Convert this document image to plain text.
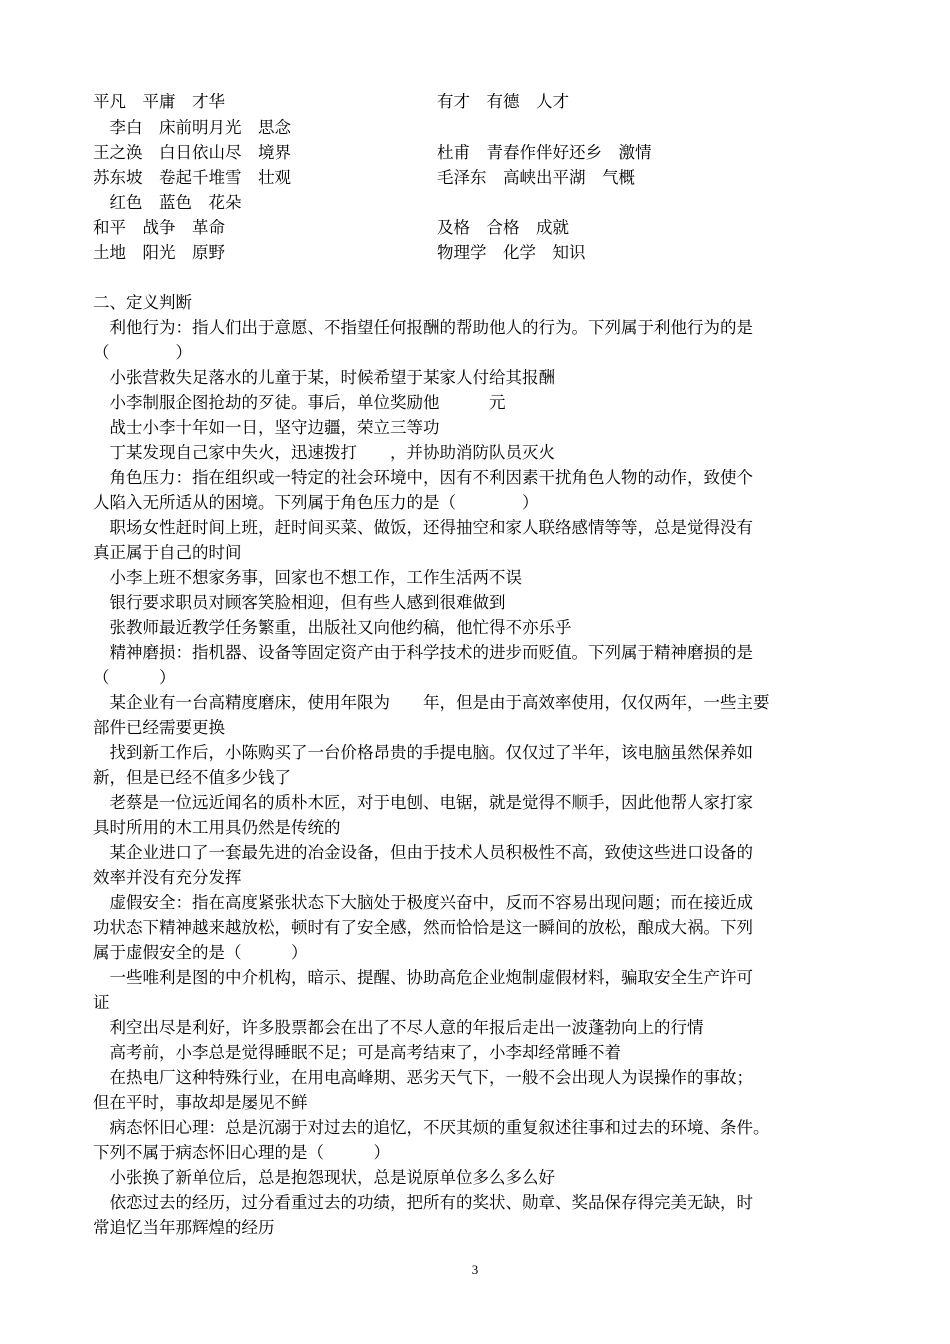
平凡　平庸　才华	有才　有德　人才
　李白　床前明月光　思念
王之涣　白日依山尽　境界	杜甫　青春作伴好还乡　激情
苏东坡　卷起千堆雪　壮观	毛泽东　高峡出平湖　气概
　红色　蓝色　花朵
和平　战争　革命	及格　合格　成就
土地　阳光　原野	物理学　化学　知识
二、定义判断
　利他行为：指人们出于意愿、不指望任何报酬的帮助他人的行为。下列属于利他行为的是
（　　　　）
　小张营救失足落水的儿童于某，时候希望于某家人付给其报酬
　小李制服企图抢劫的歹徒。事后，单位奖励他　　　元
　战士小李十年如一日，坚守边疆，荣立三等功
　丁某发现自己家中失火，迅速拨打　　，并协助消防队员灭火
　角色压力：指在组织或一特定的社会环境中，因有不利因素干扰角色人物的动作，致使个
人陷入无所适从的困境。下列属于角色压力的是（　　　　）
　职场女性赶时间上班，赶时间买菜、做饭，还得抽空和家人联络感情等等，总是觉得没有
真正属于自己的时间
　小李上班不想家务事，回家也不想工作，工作生活两不误
　银行要求职员对顾客笑脸相迎，但有些人感到很难做到
　张教师最近教学任务繁重，出版社又向他约稿，他忙得不亦乐乎
　精神磨损：指机器、设备等固定资产由于科学技术的进步而贬值。下列属于精神磨损的是
（　　　）
　某企业有一台高精度磨床，使用年限为　　年，但是由于高效率使用，仅仅两年，一些主要
部件已经需要更换
　找到新工作后，小陈购买了一台价格昂贵的手提电脑。仅仅过了半年，该电脑虽然保养如
新，但是已经不值多少钱了
　老蔡是一位远近闻名的质朴木匠，对于电刨、电锯，就是觉得不顺手，因此他帮人家打家
具时所用的木工用具仍然是传统的
　某企业进口了一套最先进的冶金设备，但由于技术人员积极性不高，致使这些进口设备的
效率并没有充分发挥
　虚假安全：指在高度紧张状态下大脑处于极度兴奋中，反而不容易出现问题；而在接近成
功状态下精神越来越放松，顿时有了安全感，然而恰恰是这一瞬间的放松，酿成大祸。下列
属于虚假安全的是（　　　）
　一些唯利是图的中介机构，暗示、提醒、协助高危企业炮制虚假材料，骗取安全生产许可
证
　利空出尽是利好，许多股票都会在出了不尽人意的年报后走出一波蓬勃向上的行情
　高考前，小李总是觉得睡眠不足；可是高考结束了，小李却经常睡不着
　在热电厂这种特殊行业，在用电高峰期、恶劣天气下，一般不会出现人为误操作的事故；
但在平时，事故却是屡见不鲜
　病态怀旧心理：总是沉溺于对过去的追忆，不厌其烦的重复叙述往事和过去的环境、条件。
下列不属于病态怀旧心理的是（　　　）
　小张换了新单位后，总是抱怨现状，总是说原单位多么多么好
　依恋过去的经历，过分看重过去的功绩，把所有的奖状、勋章、奖品保存得完美无缺，时
常追忆当年那辉煌的经历
3
